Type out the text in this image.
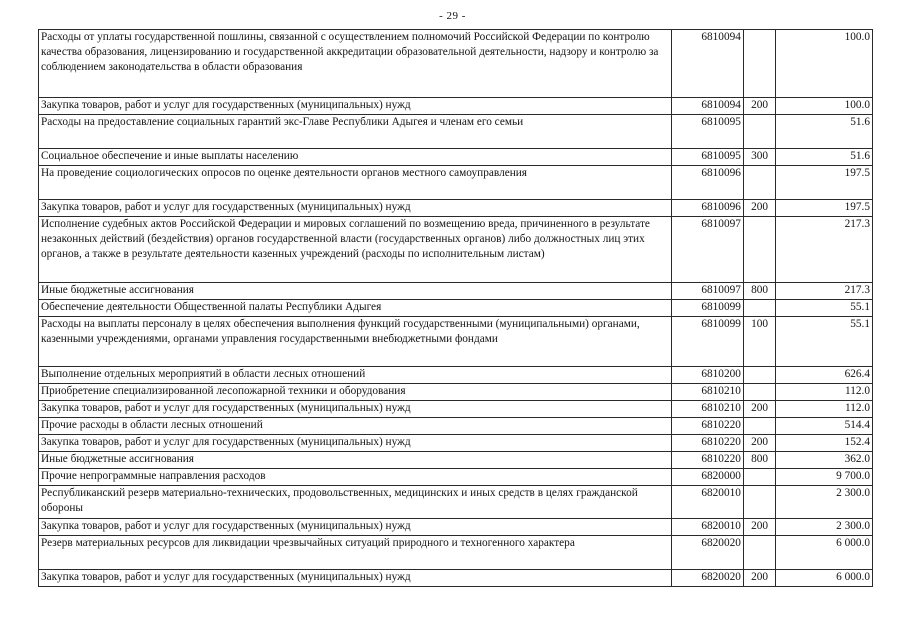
- 29 -
Расходы от уплаты государственной пошлины, связанной с осуществлением полномочий Российской Федерации по контролю качества образования, лицензированию и государственной аккредитации образовательной деятельности, надзору и контролю за соблюдением законодательства в области образования	6810094		100.0
Закупка товаров, работ и услуг для государственных (муниципальных) нужд	6810094	200	100.0
Расходы на предоставление социальных гарантий экс-Главе Республики Адыгея и членам его семьи	6810095		51.6
Социальное обеспечение и иные выплаты населению	6810095	300	51.6
На проведение социологических опросов по оценке деятельности органов местного самоуправления	6810096		197.5
Закупка товаров, работ и услуг для государственных (муниципальных) нужд	6810096	200	197.5
Исполнение судебных актов Российской Федерации и мировых соглашений по возмещению вреда, причиненного в результате незаконных действий (бездействия) органов государственной власти (государственных органов) либо должностных лиц этих органов, а также в результате деятельности казенных учреждений (расходы по исполнительным листам)	6810097		217.3
Иные бюджетные ассигнования	6810097	800	217.3
Обеспечение деятельности Общественной палаты Республики Адыгея	6810099		55.1
Расходы на выплаты персоналу в целях обеспечения выполнения функций государственными (муниципальными) органами, казенными учреждениями, органами управления государственными внебюджетными фондами	6810099	100	55.1
Выполнение отдельных мероприятий в области лесных отношений	6810200		626.4
Приобретение специализированной лесопожарной техники и оборудования	6810210		112.0
Закупка товаров, работ и услуг для государственных (муниципальных) нужд	6810210	200	112.0
Прочие расходы в области лесных отношений	6810220		514.4
Закупка товаров, работ и услуг для государственных (муниципальных) нужд	6810220	200	152.4
Иные бюджетные ассигнования	6810220	800	362.0
Прочие непрограммные направления расходов	6820000		9 700.0
Республиканский резерв материально-технических, продовольственных, медицинских и иных средств в целях гражданской обороны	6820010		2 300.0
Закупка товаров, работ и услуг для государственных (муниципальных) нужд	6820010	200	2 300.0
Резерв материальных ресурсов для ликвидации чрезвычайных ситуаций природного и техногенного характера	6820020		6 000.0
Закупка товаров, работ и услуг для государственных (муниципальных) нужд	6820020	200	6 000.0
